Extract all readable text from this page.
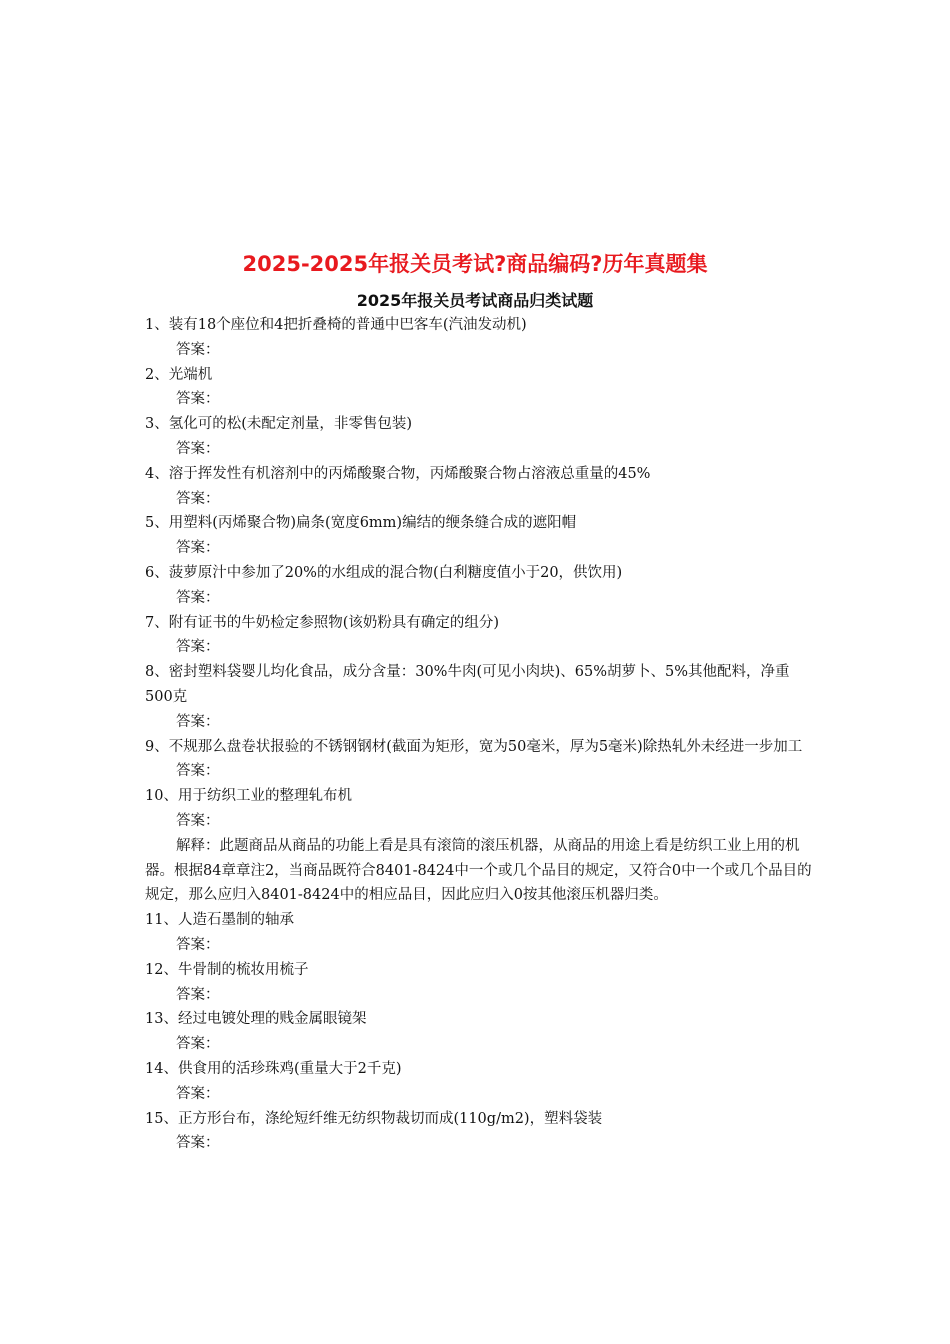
2025-2025年报关员考试?商品编码?历年真题集
2025年报关员考试商品归类试题
1、装有18个座位和4把折叠椅的普通中巴客车(汽油发动机)
答案：
2、光端机
答案：
3、氢化可的松(未配定剂量，非零售包装)
答案：
4、溶于挥发性有机溶剂中的丙烯酸聚合物，丙烯酸聚合物占溶液总重量的45%
答案：
5、用塑料(丙烯聚合物)扁条(宽度6mm)编结的缏条缝合成的遮阳帽
答案：
6、菠萝原汁中参加了20%的水组成的混合物(白利糖度值小于20，供饮用)
答案：
7、附有证书的牛奶检定参照物(该奶粉具有确定的组分)
答案：
8、密封塑料袋婴儿均化食品，成分含量：30%牛肉(可见小肉块)、65%胡萝卜、5%其他配料，净重500克
答案：
9、不规那么盘卷状报验的不锈钢钢材(截面为矩形，宽为50毫米，厚为5毫米)除热轧外未经进一步加工
答案：
10、用于纺织工业的整理轧布机
答案：
解释：此题商品从商品的功能上看是具有滚筒的滚压机器，从商品的用途上看是纺织工业上用的机器。根据84章章注2，当商品既符合8401-8424中一个或几个品目的规定，又符合0中一个或几个品目的规定，那么应归入8401-8424中的相应品目，因此应归入0按其他滚压机器归类。
11、人造石墨制的轴承
答案：
12、牛骨制的梳妆用梳子
答案：
13、经过电镀处理的贱金属眼镜架
答案：
14、供食用的活珍珠鸡(重量大于2千克)
答案：
15、正方形台布，涤纶短纤维无纺织物裁切而成(110g/m2)，塑料袋装
答案：
